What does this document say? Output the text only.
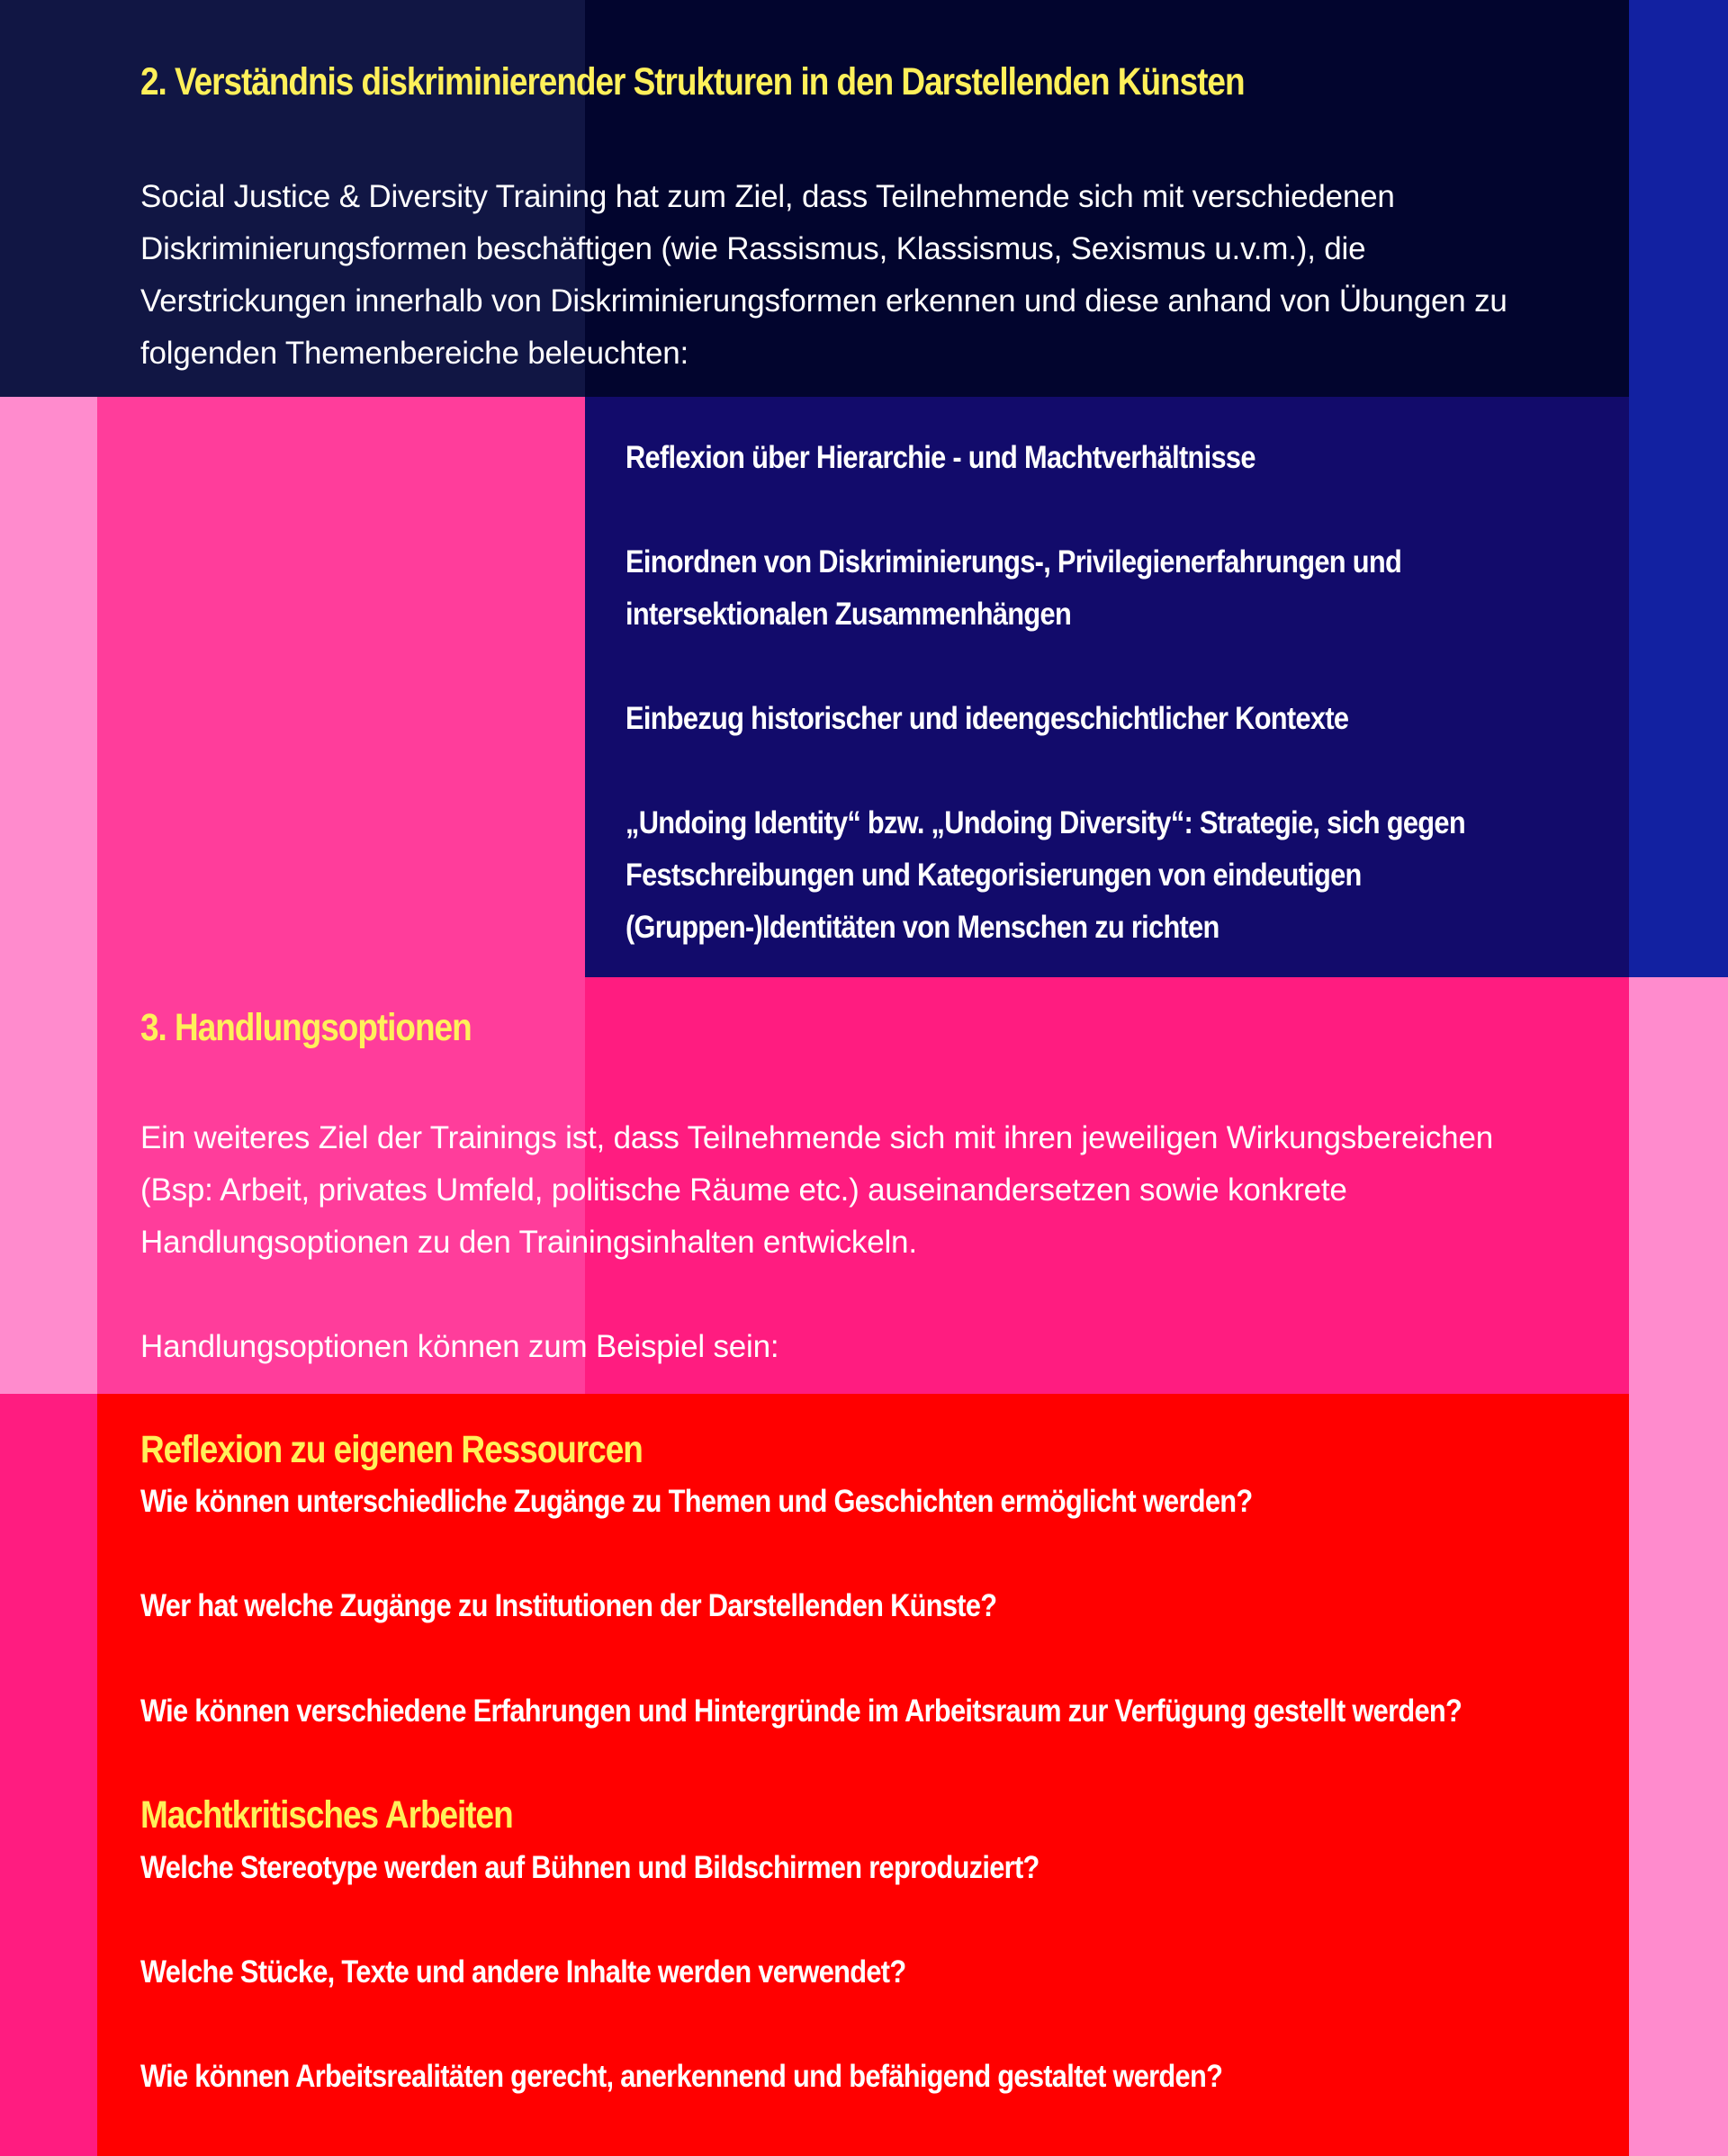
2. Verständnis diskriminierender Strukturen in den Darstellenden Künsten

Social Justice & Diversity Training hat zum Ziel, dass Teilnehmende sich mit verschiedenen Diskriminierungsformen beschäftigen (wie Rassismus, Klassismus, Sexismus u.v.m.), die Verstrickungen innerhalb von Diskriminierungsformen erkennen und diese anhand von Übungen zu folgenden Themenbereiche beleuchten:

Reflexion über Hierarchie - und Machtverhältnisse
Einordnen von Diskriminierungs-, Privilegienerfahrungen und intersektionalen Zusammenhängen
Einbezug historischer und ideengeschichtlicher Kontexte
„Undoing Identity“ bzw. „Undoing Diversity“: Strategie, sich gegen Festschreibungen und Kategorisierungen von eindeutigen (Gruppen-)Identitäten von Menschen zu richten
3. Handlungsoptionen

Ein weiteres Ziel der Trainings ist, dass Teilnehmende sich mit ihren jeweiligen Wirkungsbereichen (Bsp: Arbeit, privates Umfeld, politische Räume etc.) auseinandersetzen sowie konkrete Handlungsoptionen zu den Trainingsinhalten entwickeln.

Handlungsoptionen können zum Beispiel sein:

Reflexion zu eigenen Ressourcen

Wie können unterschiedliche Zugänge zu Themen und Geschichten ermöglicht werden?

Wer hat welche Zugänge zu Institutionen der Darstellenden Künste?

Wie können verschiedene Erfahrungen und Hintergründe im Arbeitsraum zur Verfügung gestellt werden?

Machtkritisches Arbeiten

Welche Stereotype werden auf Bühnen und Bildschirmen reproduziert?

Welche Stücke, Texte und andere Inhalte werden verwendet?

Wie können Arbeitsrealitäten gerecht, anerkennend und befähigend gestaltet werden?
